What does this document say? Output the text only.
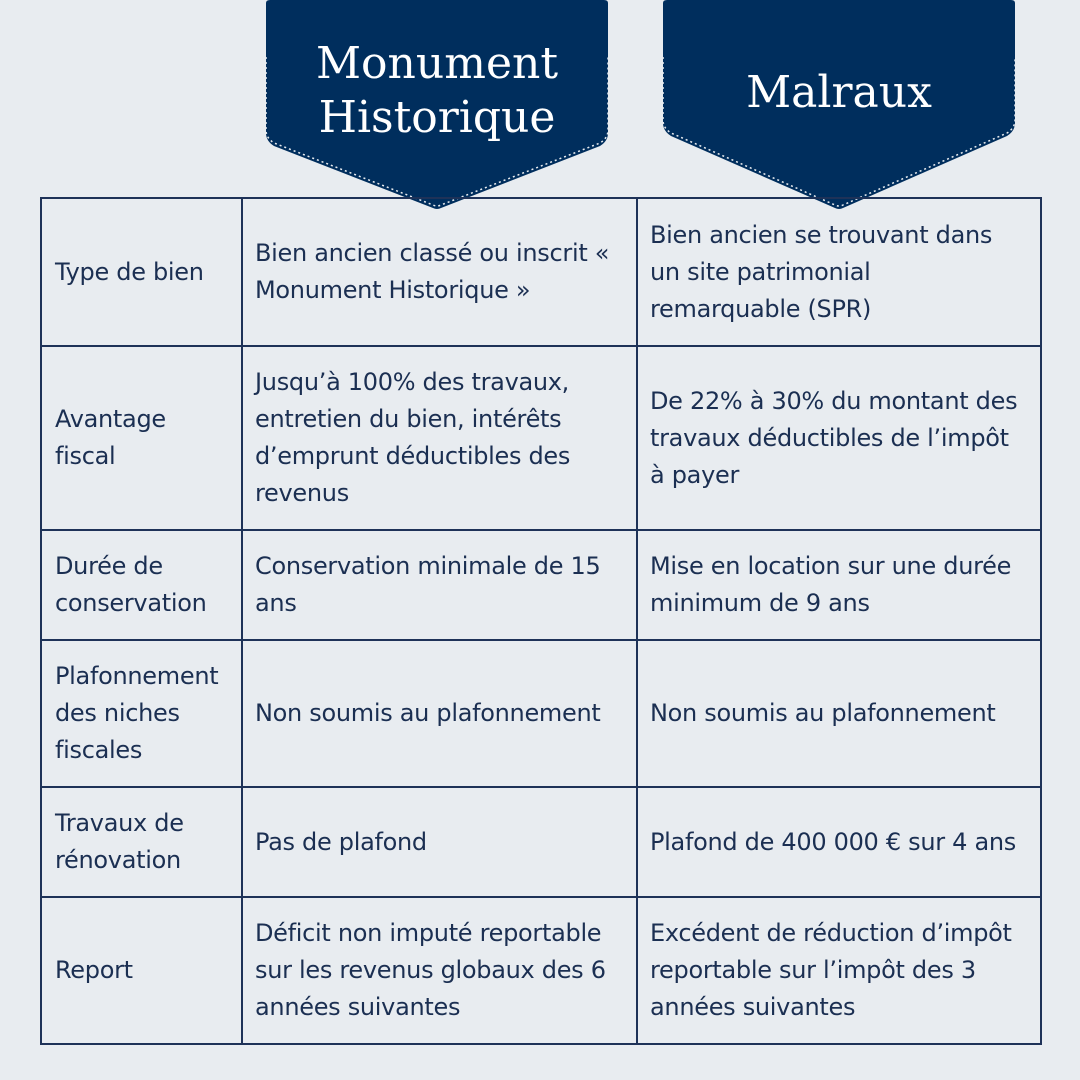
Monument Historique	Malraux
Type de bien	Bien ancien classé ou inscrit « Monument Historique »	Bien ancien se trouvant dans un site patrimonial remarquable (SPR)
Avantage fiscal	Jusqu’à 100% des travaux, entretien du bien, intérêts d’emprunt déductibles des revenus	De 22% à 30% du montant des travaux déductibles de l’impôt à payer
Durée de conservation	Conservation minimale de 15 ans	Mise en location sur une durée minimum de 9 ans
Plafonnement des niches fiscales	Non soumis au plafonnement	Non soumis au plafonnement
Travaux de rénovation	Pas de plafond	Plafond de 400 000 € sur 4 ans
Report	Déficit non imputé reportable sur les revenus globaux des 6 années suivantes	Excédent de réduction d’impôt reportable sur l’impôt des 3 années suivantes
